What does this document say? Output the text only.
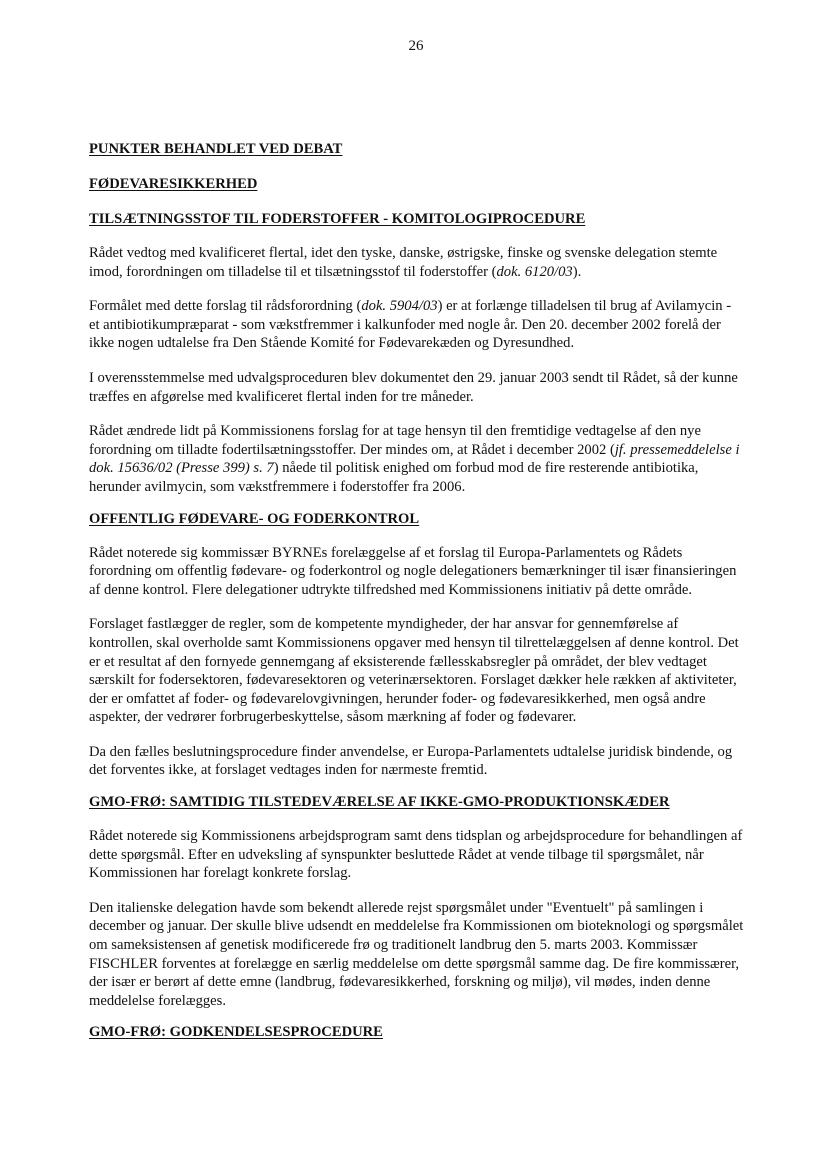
26
PUNKTER BEHANDLET VED DEBAT
FØDEVARESIKKERHED
TILSÆTNINGSSTOF TIL FODERSTOFFER - KOMITOLOGIPROCEDURE

Rådet vedtog med kvalificeret flertal, idet den tyske, danske, østrigske, finske og svenske delegation stemte imod, forordningen om tilladelse til et tilsætningsstof til foderstoffer (dok. 6120/03).

Formålet med dette forslag til rådsforordning (dok. 5904/03) er at forlænge tilladelsen til brug af Avilamycin - et antibiotikumpræparat - som vækstfremmer i kalkunfoder med nogle år. Den 20. december 2002 forelå der ikke nogen udtalelse fra Den Stående Komité for Fødevarekæden og Dyresundhed.

I overensstemmelse med udvalgsproceduren blev dokumentet den 29. januar 2003 sendt til Rådet, så der kunne træffes en afgørelse med kvalificeret flertal inden for tre måneder.

Rådet ændrede lidt på Kommissionens forslag for at tage hensyn til den fremtidige vedtagelse af den nye forordning om tilladte fodertilsætningsstoffer. Der mindes om, at Rådet i december 2002 (jf. pressemeddelelse i dok. 15636/02 (Presse 399) s. 7) nåede til politisk enighed om forbud mod de fire resterende antibiotika, herunder avilmycin, som vækstfremmere i foderstoffer fra 2006.

OFFENTLIG FØDEVARE- OG FODERKONTROL

Rådet noterede sig kommissær BYRNEs forelæggelse af et forslag til Europa-Parlamentets og Rådets forordning om offentlig fødevare- og foderkontrol og nogle delegationers bemærkninger til især finansieringen af denne kontrol. Flere delegationer udtrykte tilfredshed med Kommissionens initiativ på dette område.

Forslaget fastlægger de regler, som de kompetente myndigheder, der har ansvar for gennemførelse af kontrollen, skal overholde samt Kommissionens opgaver med hensyn til tilrettelæggelsen af denne kontrol. Det er et resultat af den fornyede gennemgang af eksisterende fællesskabsregler på området, der blev vedtaget særskilt for fodersektoren, fødevaresektoren og veterinærsektoren. Forslaget dækker hele rækken af aktiviteter, der er omfattet af foder- og fødevarelovgivningen, herunder foder- og fødevaresikkerhed, men også andre aspekter, der vedrører forbrugerbeskyttelse, såsom mærkning af foder og fødevarer.

Da den fælles beslutningsprocedure finder anvendelse, er Europa-Parlamentets udtalelse juridisk bindende, og det forventes ikke, at forslaget vedtages inden for nærmeste fremtid.

GMO-FRØ: SAMTIDIG TILSTEDEVÆRELSE AF IKKE-GMO-PRODUKTIONSKÆDER

Rådet noterede sig Kommissionens arbejdsprogram samt dens tidsplan og arbejdsprocedure for behandlingen af dette spørgsmål. Efter en udveksling af synspunkter besluttede Rådet at vende tilbage til spørgsmålet, når Kommissionen har forelagt konkrete forslag.

Den italienske delegation havde som bekendt allerede rejst spørgsmålet under "Eventuelt" på samlingen i december og januar. Der skulle blive udsendt en meddelelse fra Kommissionen om bioteknologi og spørgsmålet om sameksistensen af genetisk modificerede frø og traditionelt landbrug den 5. marts 2003. Kommissær FISCHLER forventes at forelægge en særlig meddelelse om dette spørgsmål samme dag. De fire kommissærer, der især er berørt af dette emne (landbrug, fødevaresikkerhed, forskning og miljø), vil mødes, inden denne meddelelse forelægges.

GMO-FRØ: GODKENDELSESPROCEDURE
